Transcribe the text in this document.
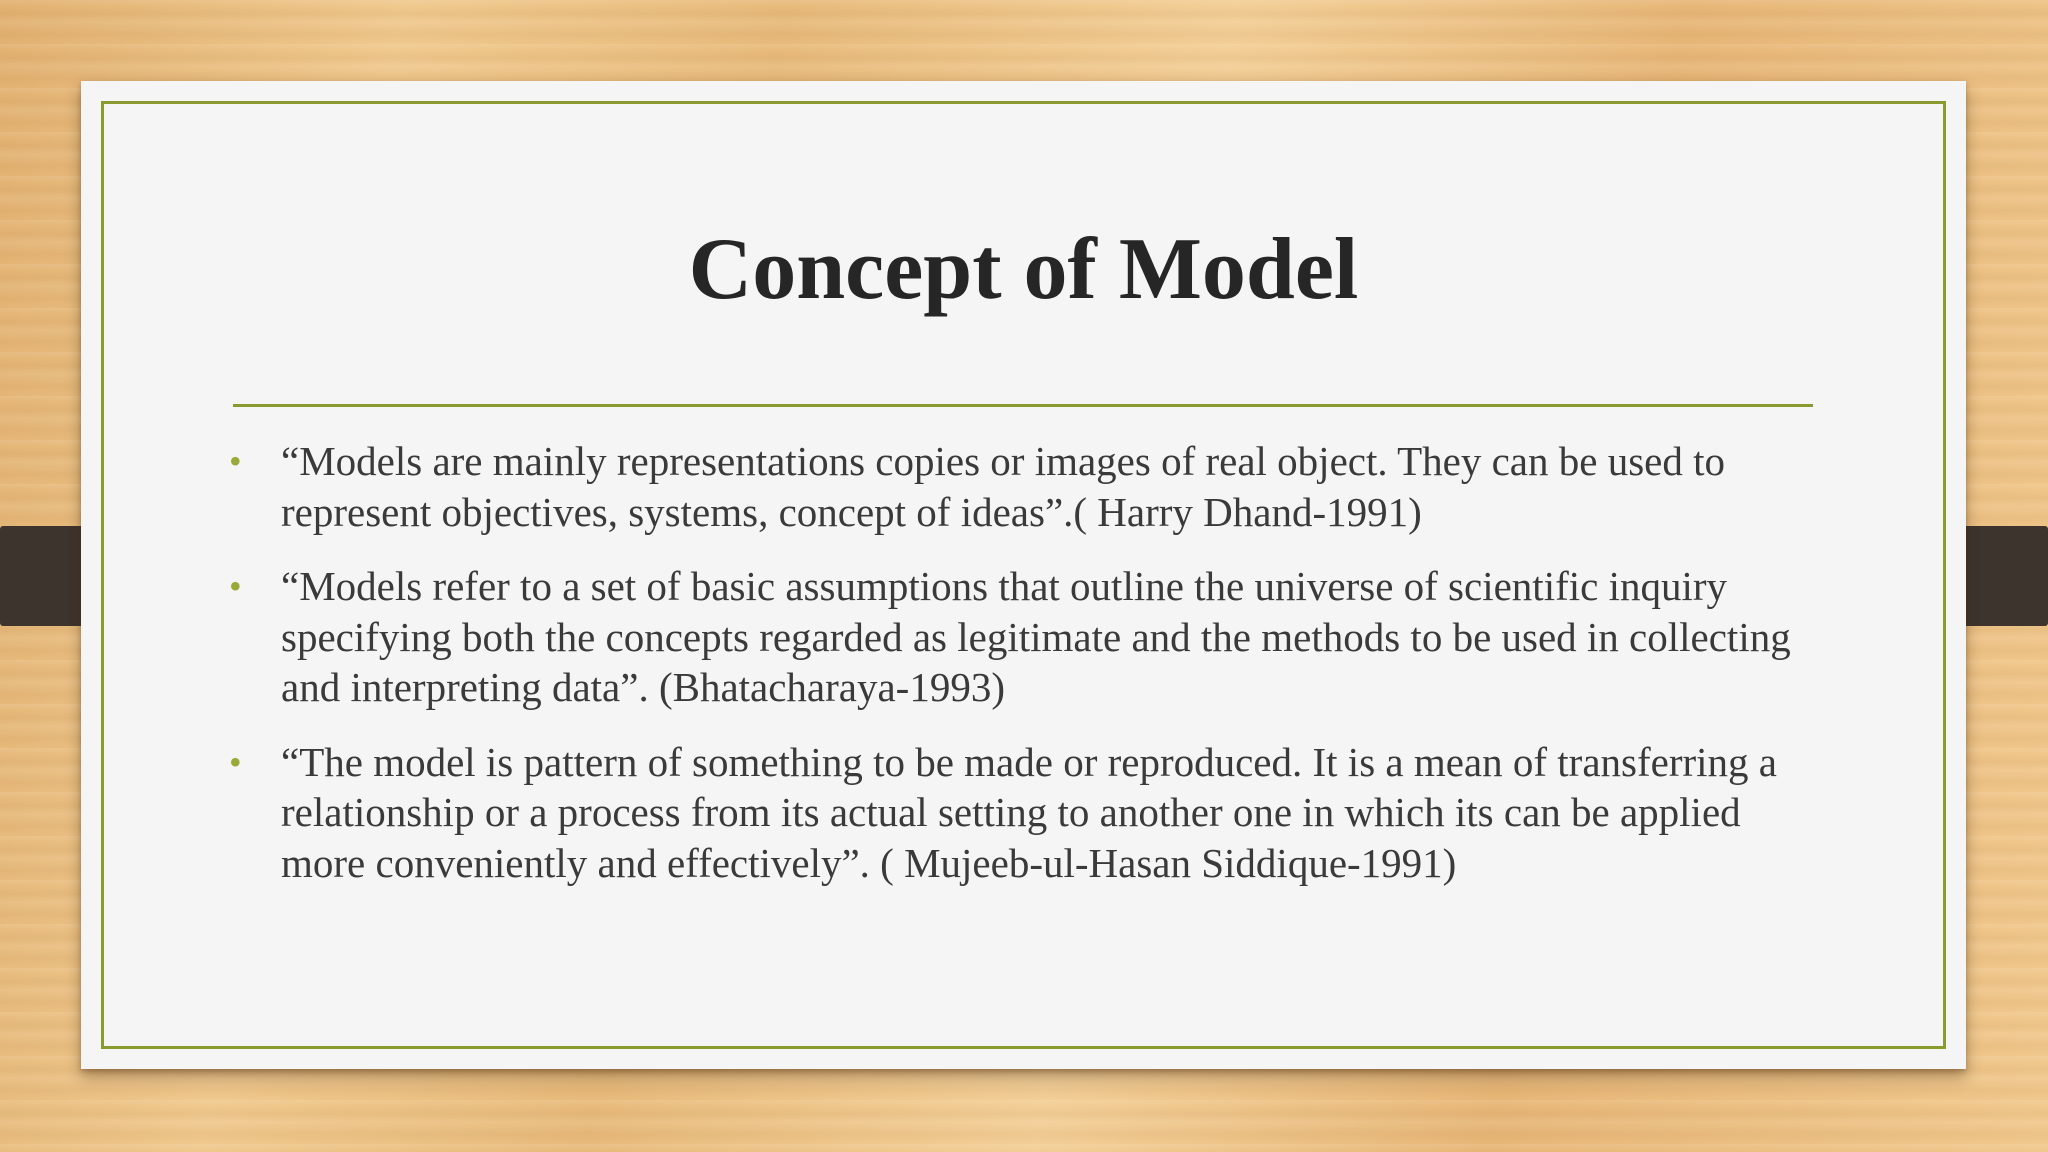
Concept of Model
• “Models are mainly representations copies or images of real object. They can be used to represent objectives, systems, concept of ideas”.( Harry Dhand-1991)
• “Models refer to a set of basic assumptions that outline the universe of scientific inquiry specifying both the concepts regarded as legitimate and the methods to be used in collecting and interpreting data”. (Bhatacharaya-1993)
• “The model is pattern of something to be made or reproduced. It is a mean of transferring a relationship or a process from its actual setting to another one in which its can be applied more conveniently and effectively”. ( Mujeeb-ul-Hasan Siddique-1991)
